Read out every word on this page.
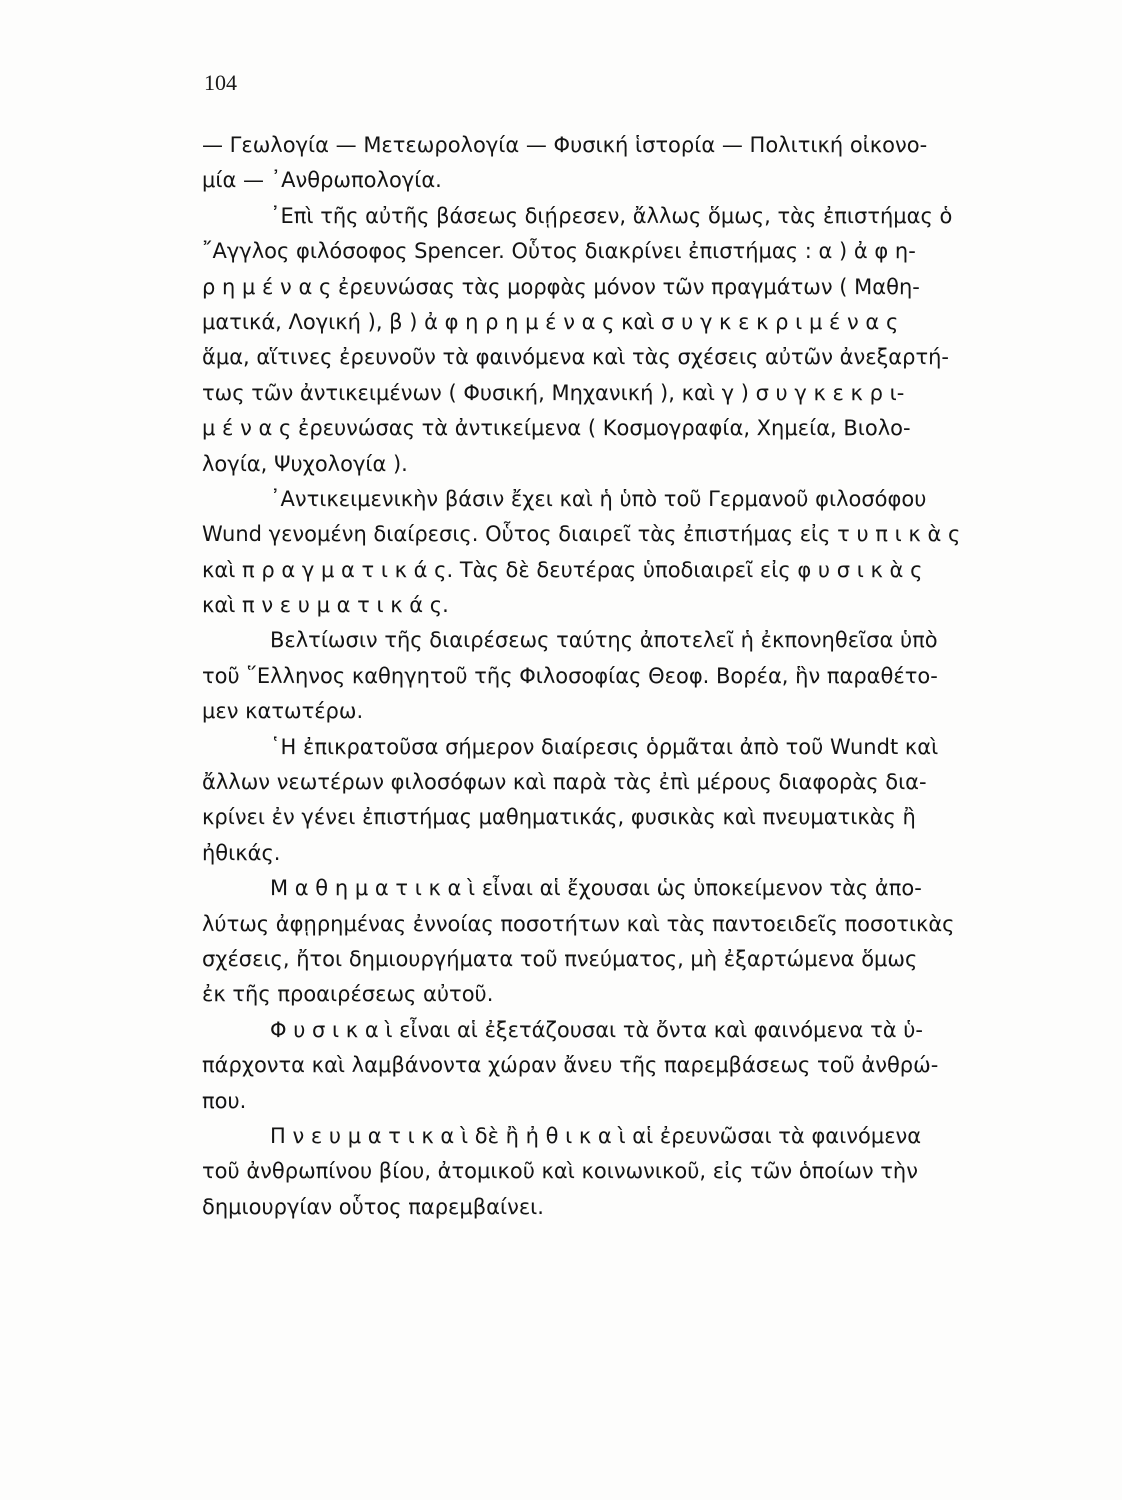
104
— Γεωλογία — Μετεωρολογία — Φυσική ἱστορία — Πολιτική οἰκονο-
μία — ᾿Ανθρωπολογία.
᾿Επὶ τῆς αὐτῆς βάσεως διῄρεσεν, ἄλλως ὅμως, τὰς ἐπιστήμας ὁ
῎Αγγλος φιλόσοφος Spencer. Οὗτος διακρίνει ἐπιστήμας : α ) ἀ φ η-
ρ η μ έ ν α ς ἐρευνώσας τὰς μορφὰς μόνον τῶν πραγμάτων ( Μαθη-
ματικά, Λογική ), β ) ἀ φ η ρ η μ έ ν α ς καὶ σ υ γ κ ε κ ρ ι μ έ ν α ς
ἅμα, αἵτινες ἐρευνοῦν τὰ φαινόμενα καὶ τὰς σχέσεις αὐτῶν ἀνεξαρτή-
τως τῶν ἀντικειμένων ( Φυσική, Μηχανική ), καὶ γ ) σ υ γ κ ε κ ρ ι-
μ έ ν α ς ἐρευνώσας τὰ ἀντικείμενα ( Κοσμογραφία, Χημεία, Βιολο-
λογία, Ψυχολογία ).
᾿Αντικειμενικὴν βάσιν ἔχει καὶ ἡ ὑπὸ τοῦ Γερμανοῦ φιλοσόφου
Wund γενομένη διαίρεσις. Οὗτος διαιρεῖ τὰς ἐπιστήμας εἰς τ υ π ι κ ὰ ς
καὶ π ρ α γ μ α τ ι κ ά ς. Τὰς δὲ δευτέρας ὑποδιαιρεῖ εἰς φ υ σ ι κ ὰ ς
καὶ π ν ε υ μ α τ ι κ ά ς.
Βελτίωσιν τῆς διαιρέσεως ταύτης ἀποτελεῖ ἡ ἐκπονηθεῖσα ὑπὸ
τοῦ ῞Ελληνος καθηγητοῦ τῆς Φιλοσοφίας Θεοφ. Βορέα, ἣν παραθέτο-
μεν κατωτέρω.
῾Η ἐπικρατοῦσα σήμερον διαίρεσις ὁρμᾶται ἀπὸ τοῦ Wundt καὶ
ἄλλων νεωτέρων φιλοσόφων καὶ παρὰ τὰς ἐπὶ μέρους διαφορὰς δια-
κρίνει ἐν γένει ἐπιστήμας μαθηματικάς, φυσικὰς καὶ πνευματικὰς ἢ
ἠθικάς.
Μ α θ η μ α τ ι κ α ὶ εἶναι αἱ ἔχουσαι ὡς ὑποκείμενον τὰς ἀπο-
λύτως ἀφῃρημένας ἐννοίας ποσοτήτων καὶ τὰς παντοειδεῖς ποσοτικὰς
σχέσεις, ἤτοι δημιουργήματα τοῦ πνεύματος, μὴ ἐξαρτώμενα ὅμως
ἐκ τῆς προαιρέσεως αὐτοῦ.
Φ υ σ ι κ α ὶ εἶναι αἱ ἐξετάζουσαι τὰ ὄντα καὶ φαινόμενα τὰ ὑ-
πάρχοντα καὶ λαμβάνοντα χώραν ἄνευ τῆς παρεμβάσεως τοῦ ἀνθρώ-
που.
Π ν ε υ μ α τ ι κ α ὶ δὲ ἢ ἠ θ ι κ α ὶ αἱ ἐρευνῶσαι τὰ φαινόμενα
τοῦ ἀνθρωπίνου βίου, ἀτομικοῦ καὶ κοινωνικοῦ, εἰς τῶν ὁποίων τὴν
δημιουργίαν οὗτος παρεμβαίνει.
